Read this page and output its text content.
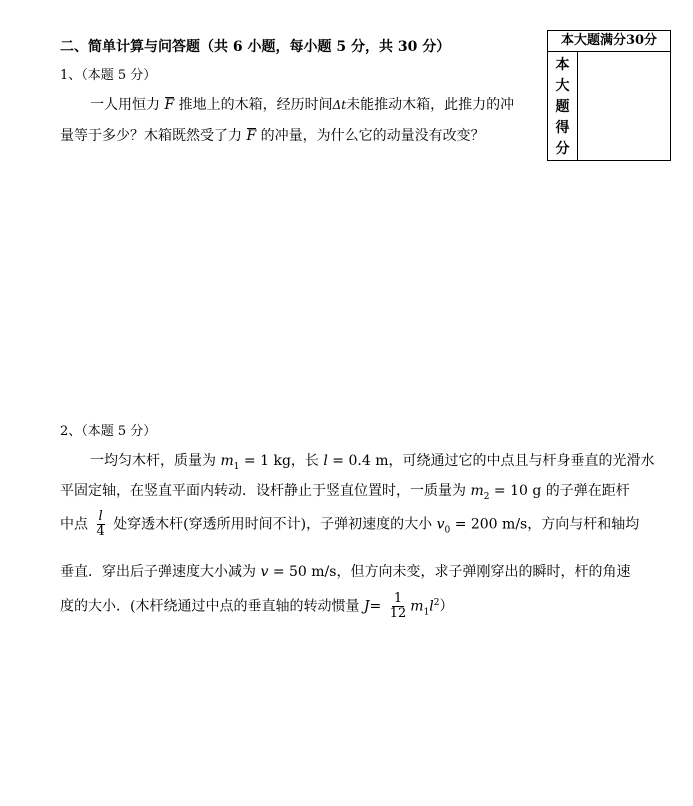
二、简单计算与问答题（共 6 小题，每小题 5 分，共 30 分）	本大题满分30分
本
大
题
得
分
1、（本题 5 分）
一人用恒力 F 推地上的木箱，经历时间Δt未能推动木箱，此推力的冲
量等于多少？木箱既然受了力 F 的冲量，为什么它的动量没有改变？
2、（本题 5 分）
一均匀木杆，质量为 $m_1 = 1$ kg，长 l = 0.4 m，可绕通过它的中点且与杆身垂直的光滑水
平固定轴，在竖直平面内转动．设杆静止于竖直位置时，一质量为 $m_2 = 10$ g 的子弹在距杆
中点 $\frac{l}{4}$ 处穿透木杆(穿透所用时间不计)，子弹初速度的大小 $v_0 = 200$ m/s，方向与杆和轴均
垂直．穿出后子弹速度大小减为 v = 50 m/s，但方向未变，求子弹刚穿出的瞬时，杆的角速
度的大小．(木杆绕通过中点的垂直轴的转动惯量 $J= \frac{1}{12} m_1l^2$）
